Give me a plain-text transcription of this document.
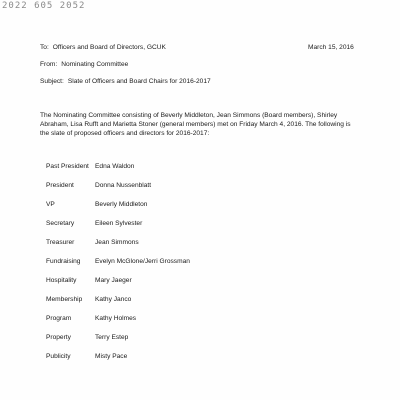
2022 605 2052
To: Officers and Board of Directors, GCUK	March 15, 2016
From: Nominating Committee
Subject: Slate of Officers and Board Chairs for 2016-2017

The Nominating Committee consisting of Beverly Middleton, Jean Simmons (Board members), Shirley Abraham, Lisa Rufft and Marietta Stoner (general members) met on Friday March 4, 2016. The following is the slate of proposed officers and directors for 2016-2017:

Past President Edna Waldon
President	Donna Nussenblatt
VP	Beverly Middleton
Secretary	Eileen Sylvester
Treasurer	Jean Simmons
Fundraising Evelyn McGlone/Jerri Grossman
Hospitality	Mary Jaeger
Membership Kathy Janco
Program	Kathy Holmes
Property	Terry Estep
Publicity	Misty Pace
